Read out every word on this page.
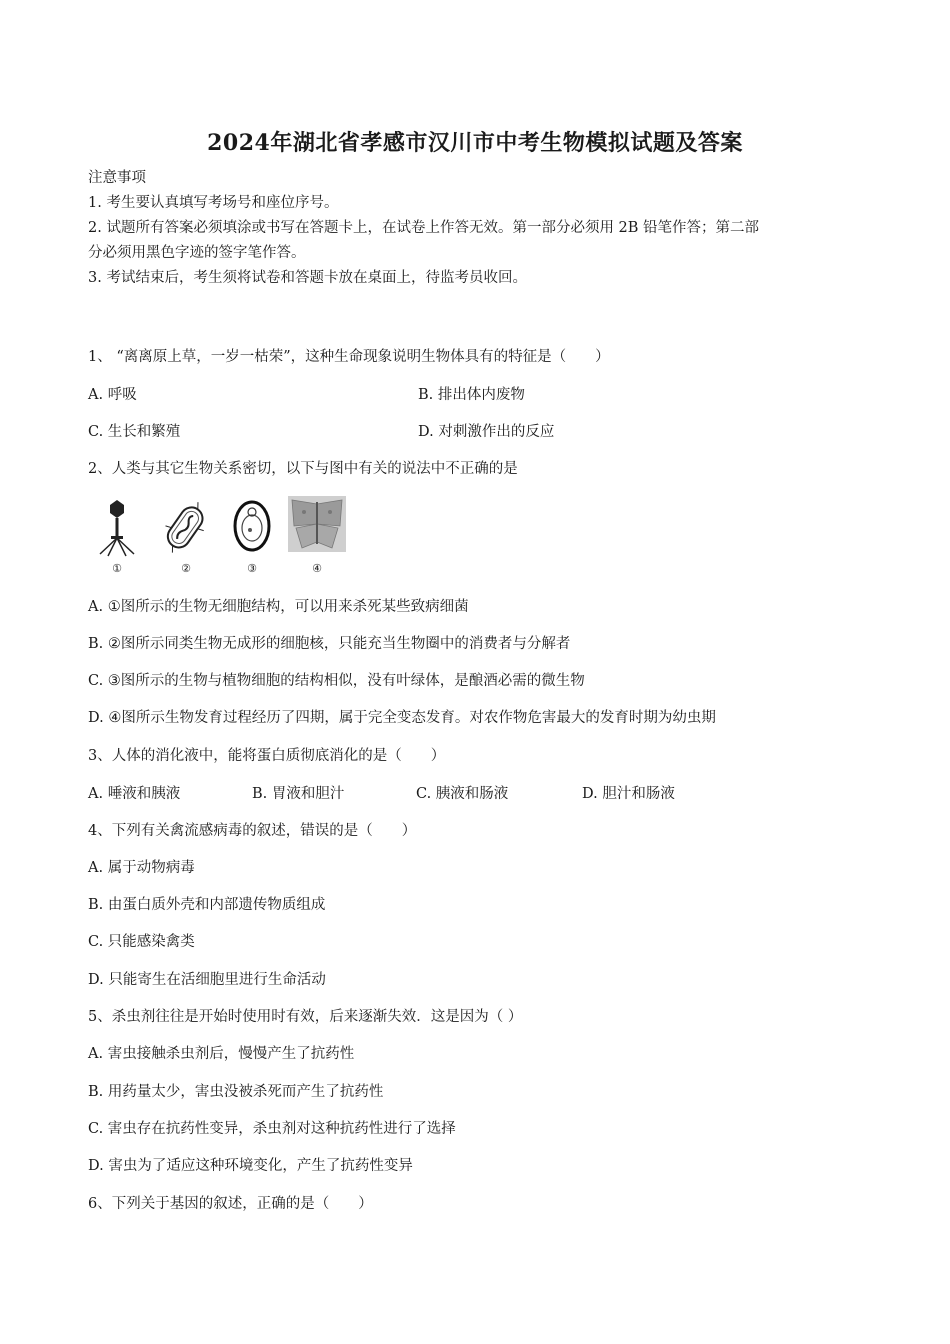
2024年湖北省孝感市汉川市中考生物模拟试题及答案
注意事项
1. 考生要认真填写考场号和座位序号。
2. 试题所有答案必须填涂或书写在答题卡上，在试卷上作答无效。第一部分必须用 2B 铅笔作答；第二部
分必须用黑色字迹的签字笔作答。
3. 考试结束后，考生须将试卷和答题卡放在桌面上，待监考员收回。
1、 “离离原上草，一岁一枯荣”，这种生命现象说明生物体具有的特征是（　　）
A. 呼吸	B. 排出体内废物
C. 生长和繁殖	D. 对刺激作出的反应
2、人类与其它生物关系密切，以下与图中有关的说法中不正确的是
①	②	③	④
A. ①图所示的生物无细胞结构，可以用来杀死某些致病细菌
B. ②图所示同类生物无成形的细胞核，只能充当生物圈中的消费者与分解者
C. ③图所示的生物与植物细胞的结构相似，没有叶绿体，是酿酒必需的微生物
D. ④图所示生物发育过程经历了四期，属于完全变态发育。对农作物危害最大的发育时期为幼虫期
3、人体的消化液中，能将蛋白质彻底消化的是（　　）
A. 唾液和胰液	B. 胃液和胆汁	C. 胰液和肠液	D. 胆汁和肠液
4、下列有关禽流感病毒的叙述，错误的是（　　）
A. 属于动物病毒
B. 由蛋白质外壳和内部遗传物质组成
C. 只能感染禽类
D. 只能寄生在活细胞里进行生命活动
5、杀虫剂往往是开始时使用时有效，后来逐渐失效．这是因为（ ）
A. 害虫接触杀虫剂后，慢慢产生了抗药性
B. 用药量太少，害虫没被杀死而产生了抗药性
C. 害虫存在抗药性变异，杀虫剂对这种抗药性进行了选择
D. 害虫为了适应这种环境变化，产生了抗药性变异
6、下列关于基因的叙述，正确的是（　　）
